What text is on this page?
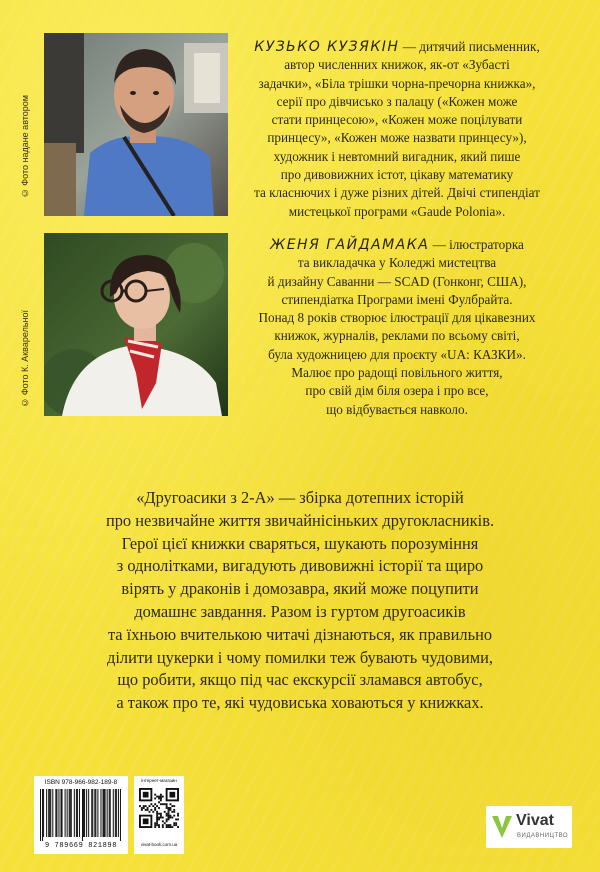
© Фото надане автором
КУЗЬКО КУЗЯКІН — дитячий письменник,
автор численних книжок, як-от «Зубасті
задачки», «Біла трішки чорна-пречорна книжка»,
серії про дівчисько з палацу («Кожен може
стати принцесою», «Кожен може поцілувати
принцесу», «Кожен може назвати принцесу»),
художник і невтомний вигадник, який пише
про дивовижних істот, цікаву математику
та класнючих і дуже різних дітей. Двічі стипендіат
мистецької програми «Gaude Polonia».
© Фото К. Акварельної
ЖЕНЯ ГАЙДАМАКА — ілюстраторка
та викладачка у Коледжі мистецтва
й дизайну Саванни — SCAD (Гонконг, США),
стипендіатка Програми імені Фулбрайта.
Понад 8 років створює ілюстрації для цікавезних
книжок, журналів, реклами по всьому світі,
була художницею для проєкту «UA: КАЗКИ».
Малює про радощі повільного життя,
про свій дім біля озера і про все,
що відбувається навколо.
«Другоасики з 2-А» — збірка дотепних історій
про незвичайне життя звичайнісіньких другокласників.
Герої цієї книжки сваряться, шукають порозуміння
з однолітками, вигадують дивовижні історії та щиро
вірять у драконів і домозавра, який може поцупити
домашнє завдання. Разом із гуртом другоасиків
та їхньою вчителькою читачі дізнаються, як правильно
ділити цукерки і чому помилки теж бувають чудовими,
що робити, якщо під час екскурсії зламався автобус,
а також про те, які чудовиська ховаються у книжках.
ISBN 978-966-982-189-8
9 789669 821898
інтернет-магазин
vivat-book.com.ua
Vivat
ВИДАВНИЦТВО
